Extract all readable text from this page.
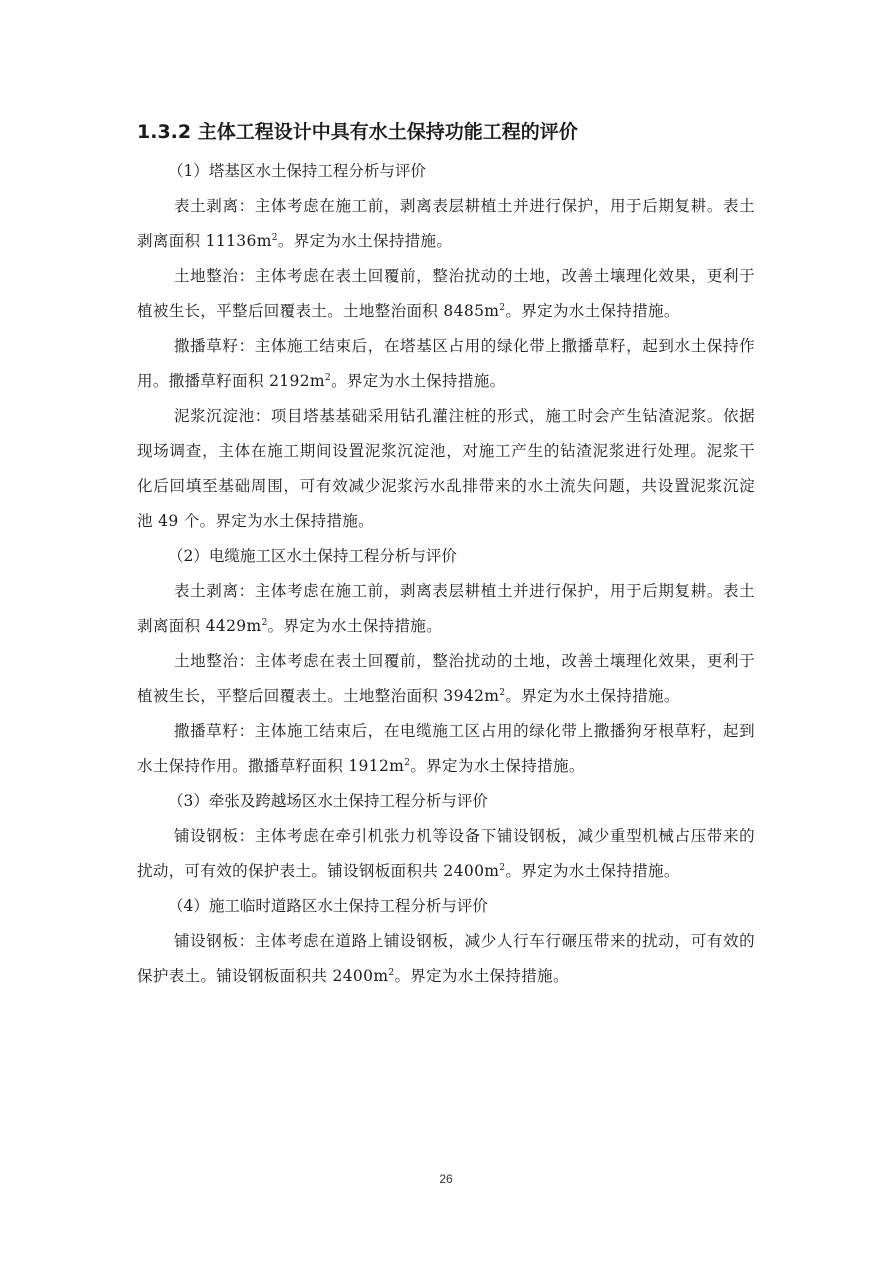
1.3.2 主体工程设计中具有水土保持功能工程的评价

（1）塔基区水土保持工程分析与评价

表土剥离：主体考虑在施工前，剥离表层耕植土并进行保护，用于后期复耕。表土剥离面积 $11136m^2$。界定为水土保持措施。

土地整治：主体考虑在表土回覆前，整治扰动的土地，改善土壤理化效果，更利于植被生长，平整后回覆表土。土地整治面积 $8485m^2$。界定为水土保持措施。

撒播草籽：主体施工结束后，在塔基区占用的绿化带上撒播草籽，起到水土保持作用。撒播草籽面积 $2192m^2$。界定为水土保持措施。

泥浆沉淀池：项目塔基基础采用钻孔灌注桩的形式，施工时会产生钻渣泥浆。依据现场调查，主体在施工期间设置泥浆沉淀池，对施工产生的钻渣泥浆进行处理。泥浆干化后回填至基础周围，可有效减少泥浆污水乱排带来的水土流失问题，共设置泥浆沉淀池 49 个。界定为水土保持措施。

（2）电缆施工区水土保持工程分析与评价

表土剥离：主体考虑在施工前，剥离表层耕植土并进行保护，用于后期复耕。表土剥离面积 $4429m^2$。界定为水土保持措施。

土地整治：主体考虑在表土回覆前，整治扰动的土地，改善土壤理化效果，更利于植被生长，平整后回覆表土。土地整治面积 $3942m^2$。界定为水土保持措施。

撒播草籽：主体施工结束后，在电缆施工区占用的绿化带上撒播狗牙根草籽，起到水土保持作用。撒播草籽面积 $1912m^2$。界定为水土保持措施。

（3）牵张及跨越场区水土保持工程分析与评价

铺设钢板：主体考虑在牵引机张力机等设备下铺设钢板，减少重型机械占压带来的扰动，可有效的保护表土。铺设钢板面积共 $2400m^2$。界定为水土保持措施。

（4）施工临时道路区水土保持工程分析与评价

铺设钢板：主体考虑在道路上铺设钢板，减少人行车行碾压带来的扰动，可有效的保护表土。铺设钢板面积共 $2400m^2$。界定为水土保持措施。

26
